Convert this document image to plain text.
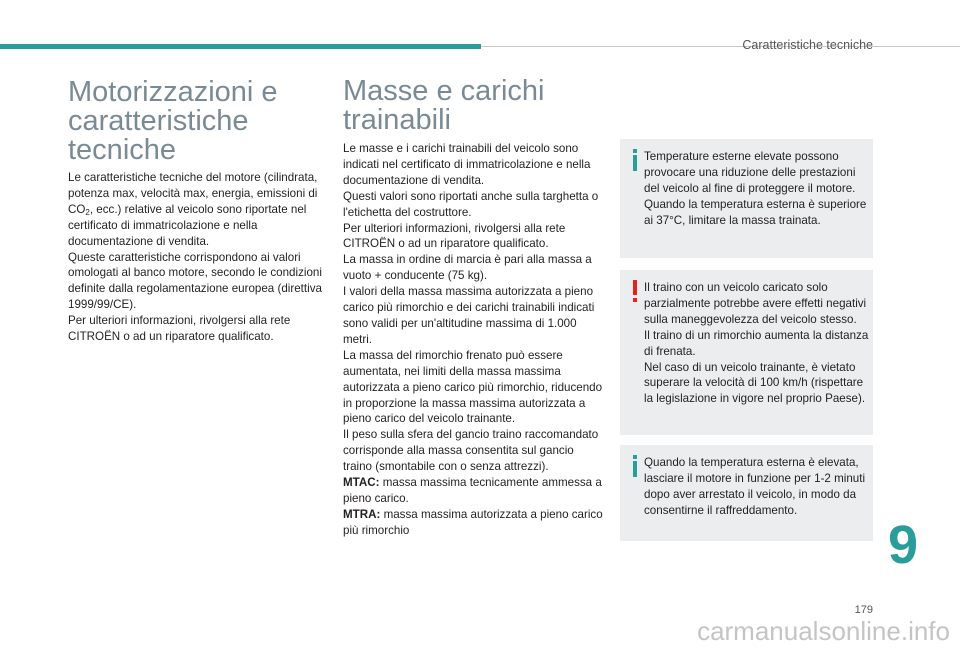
Caratteristiche tecniche
Motorizzazioni e caratteristiche tecniche

Le caratteristiche tecniche del motore (cilindrata, potenza max, velocità max, energia, emissioni di $CO_2$, ecc.) relative al veicolo sono riportate nel certificato di immatricolazione e nella documentazione di vendita.

Queste caratteristiche corrispondono ai valori omologati al banco motore, secondo le condizioni definite dalla regolamentazione europea (direttiva 1999/99/CE).

Per ulteriori informazioni, rivolgersi alla rete CITROËN o ad un riparatore qualificato.

Masse e carichi trainabili

Le masse e i carichi trainabili del veicolo sono indicati nel certificato di immatricolazione e nella documentazione di vendita.

Questi valori sono riportati anche sulla targhetta o l'etichetta del costruttore.

Per ulteriori informazioni, rivolgersi alla rete CITROËN o ad un riparatore qualificato.

La massa in ordine di marcia è pari alla massa a vuoto + conducente (75 kg).

I valori della massa massima autorizzata a pieno carico più rimorchio e dei carichi trainabili indicati sono validi per un'altitudine massima di 1.000 metri.

La massa del rimorchio frenato può essere aumentata, nei limiti della massa massima autorizzata a pieno carico più rimorchio, riducendo in proporzione la massa massima autorizzata a pieno carico del veicolo trainante.

Il peso sulla sfera del gancio traino raccomandato corrisponde alla massa consentita sul gancio traino (smontabile con o senza attrezzi).

MTAC: massa massima tecnicamente ammessa a pieno carico.

MTRA: massa massima autorizzata a pieno carico più rimorchio

Temperature esterne elevate possono provocare una riduzione delle prestazioni del veicolo al fine di proteggere il motore. Quando la temperatura esterna è superiore ai 37°C, limitare la massa trainata.

Il traino con un veicolo caricato solo parzialmente potrebbe avere effetti negativi sulla maneggevolezza del veicolo stesso.

Il traino di un rimorchio aumenta la distanza di frenata.

Nel caso di un veicolo trainante, è vietato superare la velocità di 100 km/h (rispettare la legislazione in vigore nel proprio Paese).

Quando la temperatura esterna è elevata, lasciare il motore in funzione per 1-2 minuti dopo aver arrestato il veicolo, in modo da consentirne il raffreddamento.

9
179
carmanualsonline.info
